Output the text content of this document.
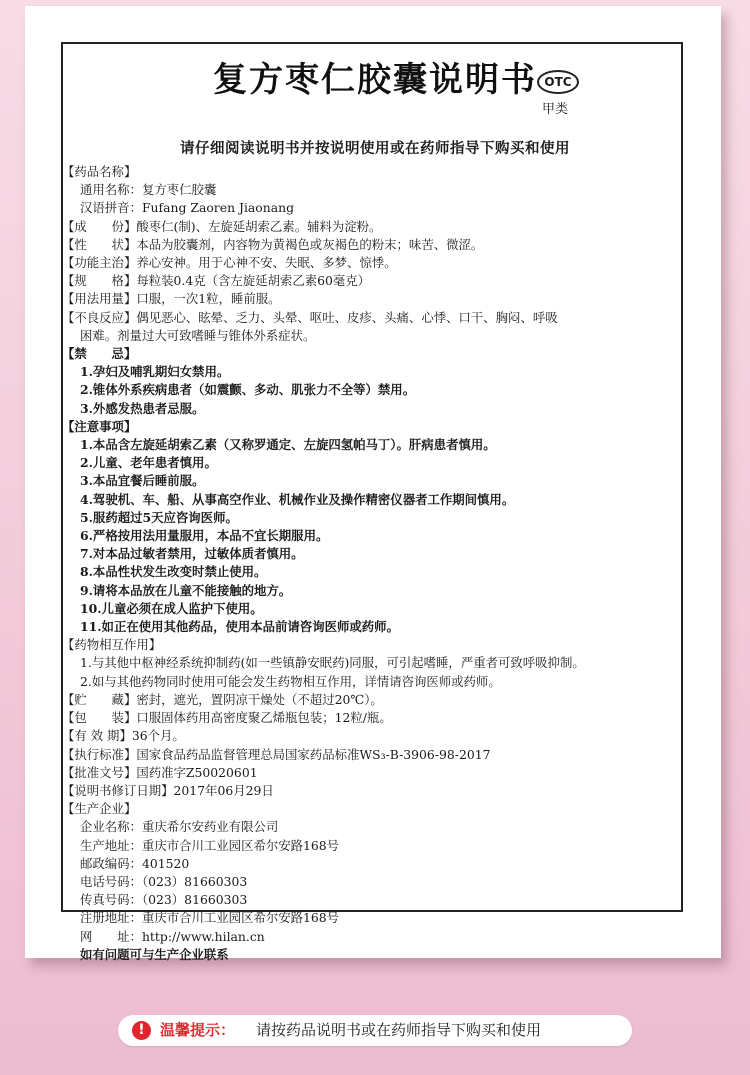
复方枣仁胶囊说明书 OTC
甲类
请仔细阅读说明书并按说明使用或在药师指导下购买和使用
【药品名称】
通用名称：复方枣仁胶囊
汉语拼音：Fufang Zaoren Jiaonang
【成　　份】酸枣仁(制)、左旋延胡索乙素。辅料为淀粉。
【性　　状】本品为胶囊剂，内容物为黄褐色或灰褐色的粉末；味苦、微涩。
【功能主治】养心安神。用于心神不安、失眠、多梦、惊悸。
【规　　格】每粒装0.4克（含左旋延胡索乙素60毫克）
【用法用量】口服，一次1粒，睡前服。
【不良反应】偶见恶心、眩晕、乏力、头晕、呕吐、皮疹、头痛、心悸、口干、胸闷、呼吸
困难。剂量过大可致嗜睡与锥体外系症状。
【禁　　忌】
1.孕妇及哺乳期妇女禁用。
2.锥体外系疾病患者（如震颤、多动、肌张力不全等）禁用。
3.外感发热患者忌服。
【注意事项】
1.本品含左旋延胡索乙素（又称罗通定、左旋四氢帕马丁）。肝病患者慎用。
2.儿童、老年患者慎用。
3.本品宜餐后睡前服。
4.驾驶机、车、船、从事高空作业、机械作业及操作精密仪器者工作期间慎用。
5.服药超过5天应咨询医师。
6.严格按用法用量服用，本品不宜长期服用。
7.对本品过敏者禁用，过敏体质者慎用。
8.本品性状发生改变时禁止使用。
9.请将本品放在儿童不能接触的地方。
10.儿童必须在成人监护下使用。
11.如正在使用其他药品，使用本品前请咨询医师或药师。
【药物相互作用】
1.与其他中枢神经系统抑制药(如一些镇静安眠药)同服，可引起嗜睡，严重者可致呼吸抑制。
2.如与其他药物同时使用可能会发生药物相互作用，详情请咨询医师或药师。
【贮　　藏】密封，遮光，置阴凉干燥处（不超过20℃）。
【包　　装】口服固体药用高密度聚乙烯瓶包装；12粒/瓶。
【有 效 期】36个月。
【执行标准】国家食品药品监督管理总局国家药品标准WS₃-B-3906-98-2017
【批准文号】国药准字Z50020601
【说明书修订日期】2017年06月29日
【生产企业】
企业名称：重庆希尔安药业有限公司
生产地址：重庆市合川工业园区希尔安路168号
邮政编码：401520
电话号码：（023）81660303
传真号码：（023）81660303
注册地址：重庆市合川工业园区希尔安路168号
网　　址：http://www.hilan.cn
如有问题可与生产企业联系
!	温馨提示： 请按药品说明书或在药师指导下购买和使用
